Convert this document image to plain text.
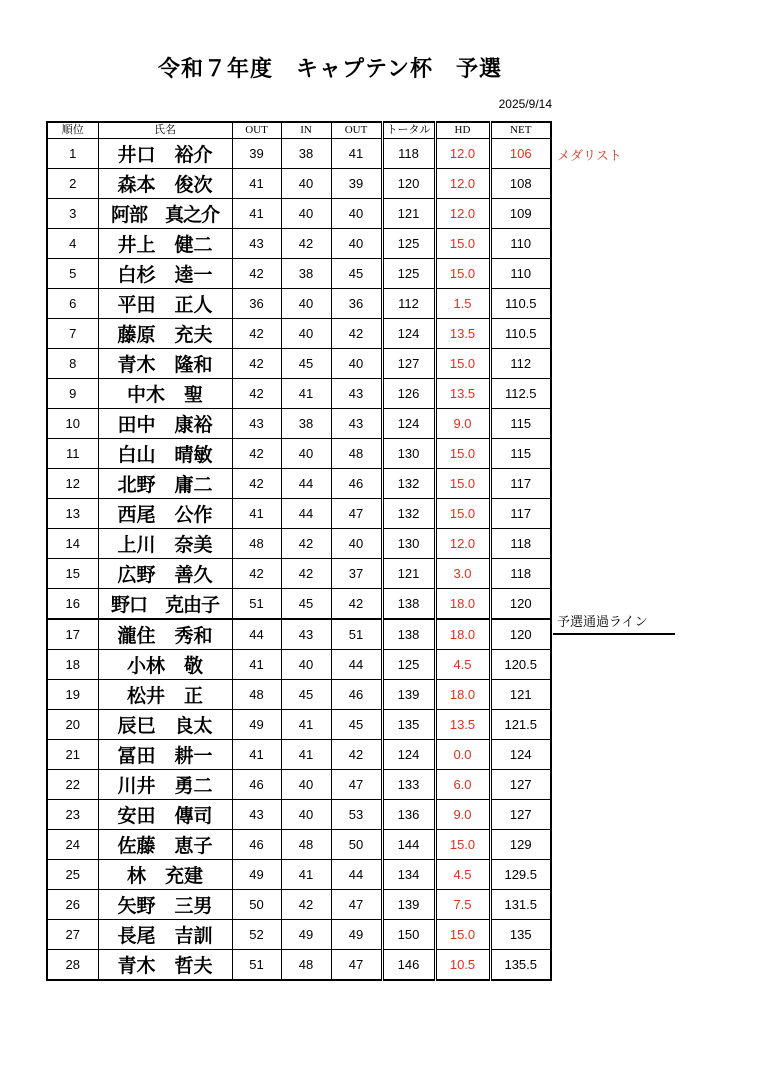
令和７年度　キャプテン杯　予選
2025/9/14
順位	氏名	OUT	IN	OUT	トータル	HD	NET
1	井口　裕介	39	38	41	118	12.0	106
2	森本　俊次	41	40	39	120	12.0	108
3	阿部　真之介	41	40	40	121	12.0	109
4	井上　健二	43	42	40	125	15.0	110
5	白杉　逵一	42	38	45	125	15.0	110
6	平田　正人	36	40	36	112	1.5	110.5
7	藤原　充夫	42	40	42	124	13.5	110.5
8	青木　隆和	42	45	40	127	15.0	112
9	中木　聖	42	41	43	126	13.5	112.5
10	田中　康裕	43	38	43	124	9.0	115
11	白山　晴敏	42	40	48	130	15.0	115
12	北野　庸二	42	44	46	132	15.0	117
13	西尾　公作	41	44	47	132	15.0	117
14	上川　奈美	48	42	40	130	12.0	118
15	広野　善久	42	42	37	121	3.0	118
16	野口　克由子	51	45	42	138	18.0	120
17	瀧住　秀和	44	43	51	138	18.0	120
18	小林　敬	41	40	44	125	4.5	120.5
19	松井　正	48	45	46	139	18.0	121
20	辰巳　良太	49	41	45	135	13.5	121.5
21	冨田　耕一	41	41	42	124	0.0	124
22	川井　勇二	46	40	47	133	6.0	127
23	安田　傳司	43	40	53	136	9.0	127
24	佐藤　恵子	46	48	50	144	15.0	129
25	林　充建	49	41	44	134	4.5	129.5
26	矢野　三男	50	42	47	139	7.5	131.5
27	長尾　吉訓	52	49	49	150	15.0	135
28	青木　哲夫	51	48	47	146	10.5	135.5
メダリスト
予選通過ライン
